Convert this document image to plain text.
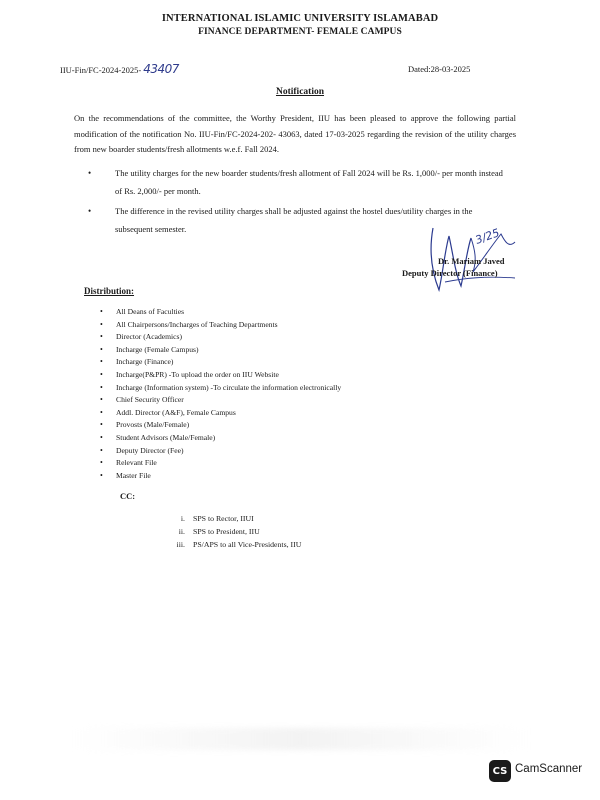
INTERNATIONAL ISLAMIC UNIVERSITY ISLAMABAD
FINANCE DEPARTMENT- FEMALE CAMPUS
IIU-Fin/FC-2024-2025- 43407	Dated:28-03-2025
Notification
On the recommendations of the committee, the Worthy President, IIU has been pleased to approve the following partial modification of the notification No. IIU-Fin/FC-2024-202- 43063, dated 17-03-2025 regarding the revision of the utility charges from new boarder students/fresh allotments w.e.f. Fall 2024.
•	The utility charges for the new boarder students/fresh allotment of Fall 2024 will be Rs. 1,000/- per month instead of Rs. 2,000/- per month.
•	The difference in the revised utility charges shall be adjusted against the hostel dues/utility charges in the subsequent semester.	3/25
Dr. Mariam Javed
Deputy Director (Finance)
Distribution:
• All Deans of Faculties
• All Chairpersons/Incharges of Teaching Departments
• Director (Academics)
• Incharge (Female Campus)
• Incharge (Finance)
• Incharge(P&PR) -To upload the order on IIU Website
• Incharge (Information system) -To circulate the information electronically
• Chief Security Officer
• Addl. Director (A&F), Female Campus
• Provosts (Male/Female)
• Student Advisors (Male/Female)
• Deputy Director (Fee)
• Relevant File
• Master File
CC:
i. SPS to Rector, IIUI
ii. SPS to President, IIU
iii. PS/APS to all Vice-Presidents, IIU
CS CamScanner
